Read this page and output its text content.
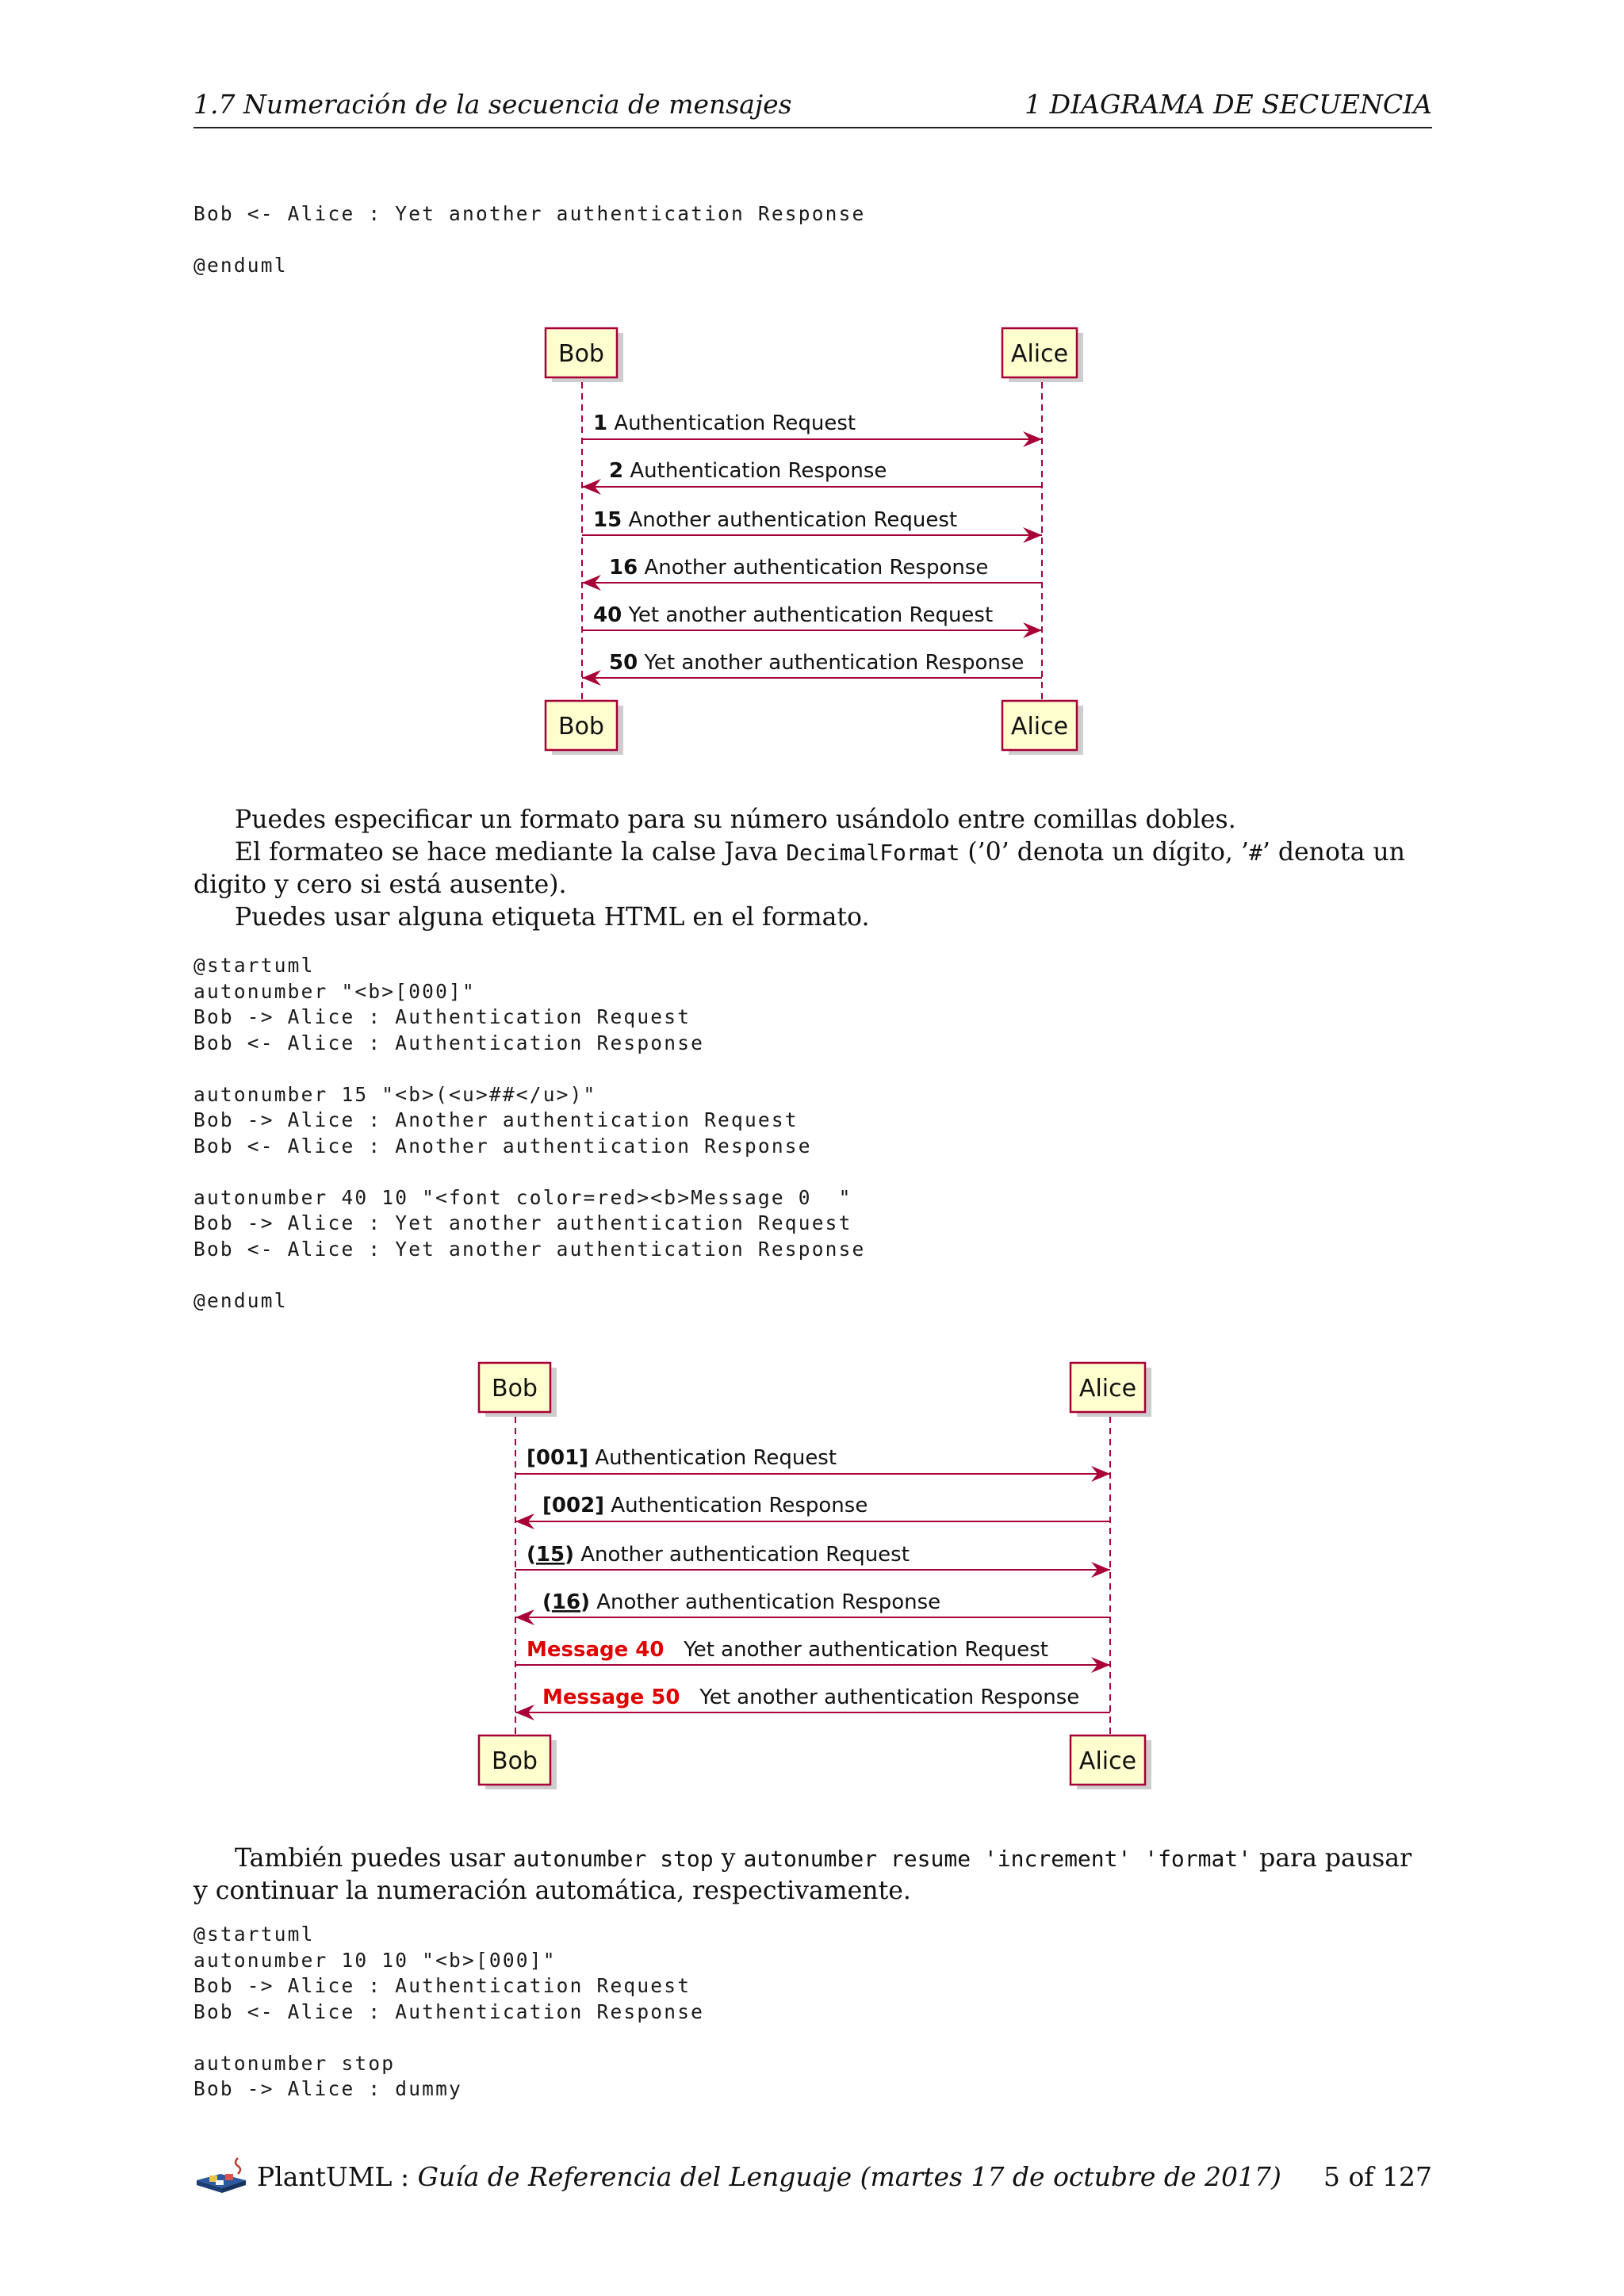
1.7 Numeración de la secuencia de mensajes	1 DIAGRAMA DE SECUENCIA
Bob <- Alice : Yet another authentication Response

@enduml
Bob	Alice
Bob	Alice
1 Authentication Request
2 Authentication Response
15 Another authentication Request
16 Another authentication Response
40 Yet another authentication Request
50 Yet another authentication Response
Puedes especificar un formato para su número usándolo entre comillas dobles.
El formateo se hace mediante la calse Java DecimalFormat (’0’ denota un dígito, ’#’ denota un digito y cero si está ausente).
Puedes usar alguna etiqueta HTML en el formato.
@startuml
autonumber "<b>[000]"
Bob -> Alice : Authentication Request
Bob <- Alice : Authentication Response

autonumber 15 "<b>(<u>##</u>)"
Bob -> Alice : Another authentication Request
Bob <- Alice : Another authentication Response

autonumber 40 10 "<font color=red><b>Message 0  "
Bob -> Alice : Yet another authentication Request
Bob <- Alice : Yet another authentication Response

@enduml
Bob	Alice
Bob	Alice
[001] Authentication Request
[002] Authentication Response
(15) Another authentication Request
(16) Another authentication Response
Message 40 Yet another authentication Request
Message 50 Yet another authentication Response
También puedes usar autonumber stop y autonumber resume 'increment' 'format' para pausar y continuar la numeración automática, respectivamente.
@startuml
autonumber 10 10 "<b>[000]"
Bob -> Alice : Authentication Request
Bob <- Alice : Authentication Response

autonumber stop
Bob -> Alice : dummy
PlantUML : Guía de Referencia del Lenguaje (martes 17 de octubre de 2017) 5 of 127
